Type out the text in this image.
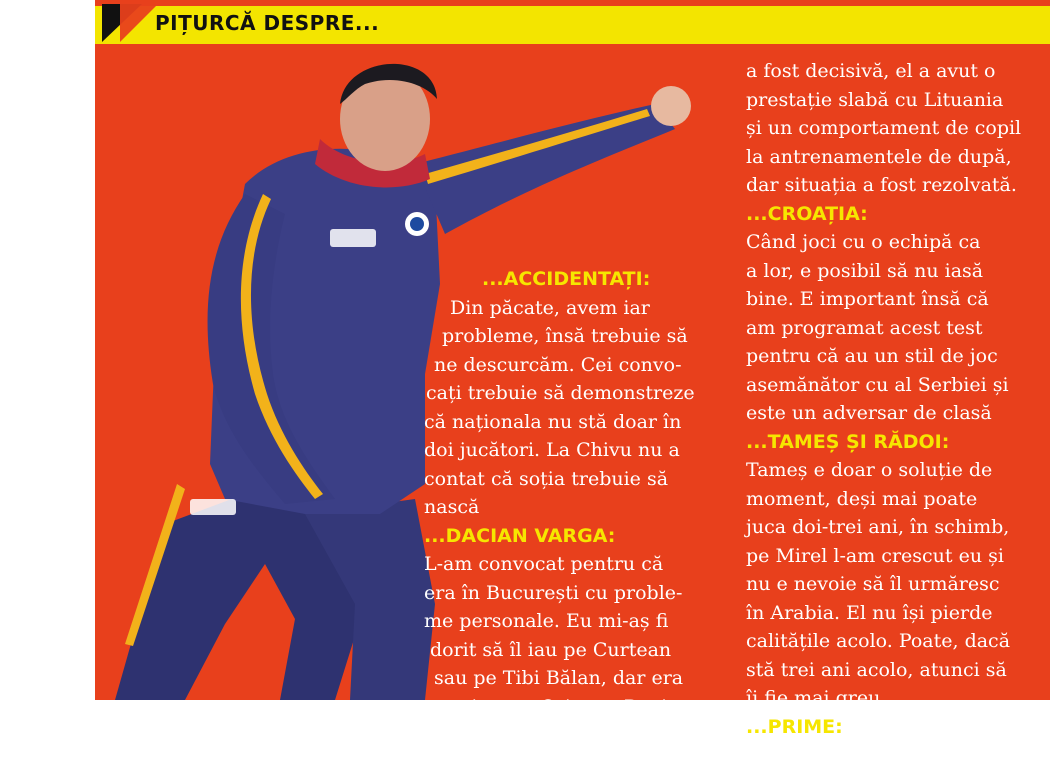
PIȚURCĂ DESPRE...
...ACCIDENTAȚI:
Din păcate, avem iar
probleme, însă trebuie să
ne descurcăm. Cei convo-
cați trebuie să demonstreze
că naționala nu stă doar în
doi jucători. La Chivu nu a
contat că soția trebuie să
nască
...DACIAN VARGA:
L-am convocat pentru că
era în București cu proble-
me personale. Eu mi-aș fi
dorit să îl iau pe Curtean
sau pe Tibi Bălan, dar era
mai greu. Oricum, Daci-
an mi-a lăsat o impresie
a fost decisivă, el a avut o
prestație slabă cu Lituania
și un comportament de copil
la antrenamentele de după,
dar situația a fost rezolvată.
...CROAȚIA:
Când joci cu o echipă ca
a lor, e posibil să nu iasă
bine. E important însă că
am programat acest test
pentru că au un stil de joc
asemănător cu al Serbiei și
este un adversar de clasă
...TAMEȘ ȘI RĂDOI:
Tameș e doar o soluție de
moment, deși mai poate
juca doi-trei ani, în schimb,
pe Mirel l-am crescut eu și
nu e nevoie să îl urmăresc
în Arabia. El nu își pierde
calitățile acolo. Poate, dacă
stă trei ani acolo, atunci să
îi fie mai greu
...PRIME:
Suntem indiferenți la prime
